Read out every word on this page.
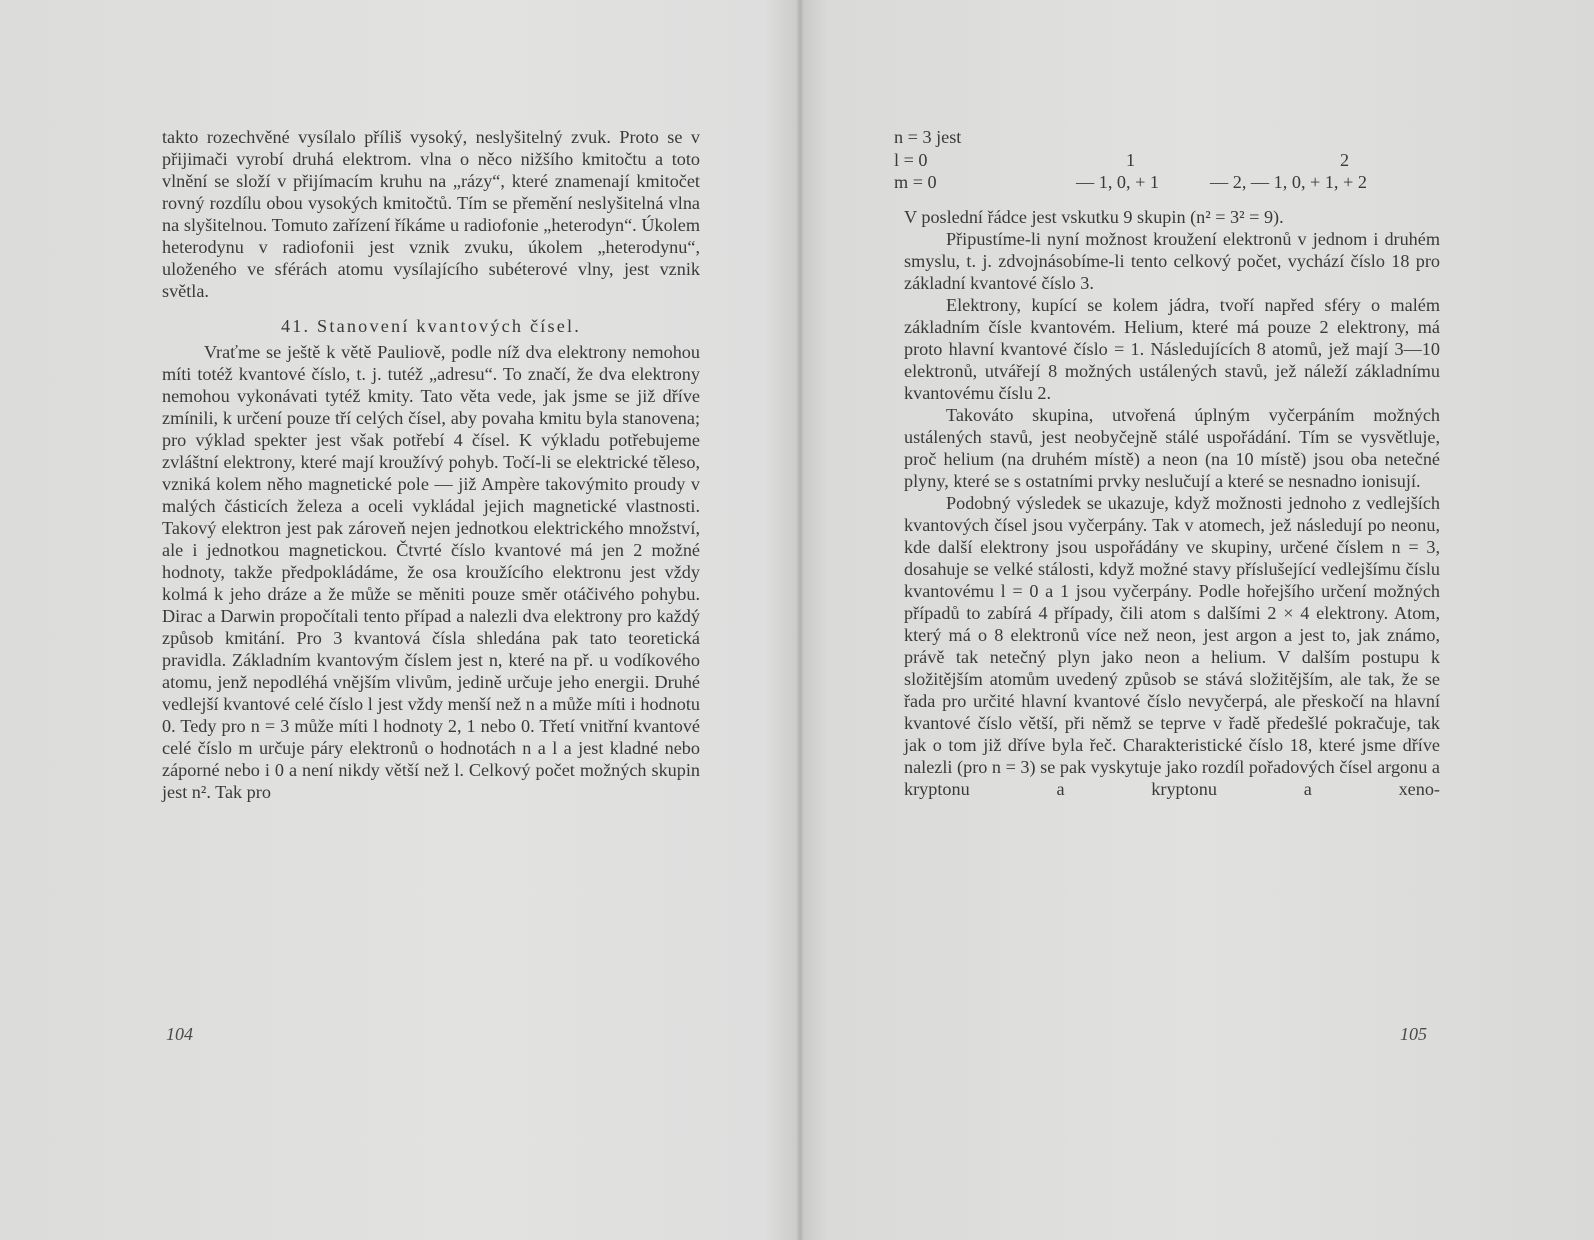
takto rozechvěné vysílalo příliš vysoký, neslyšitelný zvuk. Proto se v přijimači vyrobí druhá elektrom. vlna o něco nižšího kmitočtu a toto vlnění se složí v přijímacím kruhu na „rázy“, které znamenají kmitočet rovný rozdílu obou vysokých kmitočtů. Tím se přemění neslyšitelná vlna na slyšitelnou. Tomuto zařízení říkáme u radiofonie „heterodyn“. Úkolem heterodynu v radiofonii jest vznik zvuku, úkolem „heterodynu“, uloženého ve sférách atomu vysílajícího subéterové vlny, jest vznik světla.

41. Stanovení kvantových čísel.

Vraťme se ještě k větě Pauliově, podle níž dva elektrony nemohou míti totéž kvantové číslo, t. j. tutéž „adresu“. To značí, že dva elektrony nemohou vykonávati tytéž kmity. Tato věta vede, jak jsme se již dříve zmínili, k určení pouze tří celých čísel, aby povaha kmitu byla stanovena; pro výklad spekter jest však potřebí 4 čísel. K výkladu potřebujeme zvláštní elektrony, které mají kroužívý pohyb. Točí-li se elektrické těleso, vzniká kolem něho magnetické pole — již Ampère takovýmito proudy v malých částicích železa a oceli vykládal jejich magnetické vlastnosti. Takový elektron jest pak zároveň nejen jednotkou elektrického množství, ale i jednotkou magnetickou. Čtvrté číslo kvantové má jen 2 možné hodnoty, takže předpokládáme, že osa kroužícího elektronu jest vždy kolmá k jeho dráze a že může se měniti pouze směr otáčivého pohybu. Dirac a Darwin propočítali tento případ a nalezli dva elektrony pro každý způsob kmitání. Pro 3 kvantová čísla shledána pak tato teoretická pravidla. Základním kvantovým číslem jest n, které na př. u vodíkového atomu, jenž nepodléhá vnějším vlivům, jedině určuje jeho energii. Druhé vedlejší kvantové celé číslo l jest vždy menší než n a může míti i hodnotu 0. Tedy pro n = 3 může míti l hodnoty 2, 1 nebo 0. Třetí vnitřní kvantové celé číslo m určuje páry elektronů o hodnotách n a l a jest kladné nebo záporné nebo i 0 a není nikdy větší než l. Celkový počet možných skupin jest n². Tak pro

104
n = 3 jest
l = 0	1	2
m = 0	— 1, 0, + 1	— 2, — 1, 0, + 1, + 2

V poslední řádce jest vskutku 9 skupin (n² = 3² = 9).

Připustíme-li nyní možnost kroužení elektronů v jednom i druhém smyslu, t. j. zdvojnásobíme-li tento celkový počet, vychází číslo 18 pro základní kvantové číslo 3.

Elektrony, kupící se kolem jádra, tvoří napřed sféry o malém základním čísle kvantovém. Helium, které má pouze 2 elektrony, má proto hlavní kvantové číslo = 1. Následujících 8 atomů, jež mají 3—10 elektronů, utvářejí 8 možných ustálených stavů, jež náleží základnímu kvantovému číslu 2.

Takováto skupina, utvořená úplným vyčerpáním možných ustálených stavů, jest neobyčejně stálé uspořádání. Tím se vysvětluje, proč helium (na druhém místě) a neon (na 10 místě) jsou oba netečné plyny, které se s ostatními prvky neslučují a které se nesnadno ionisují.

Podobný výsledek se ukazuje, když možnosti jednoho z vedlejších kvantových čísel jsou vyčerpány. Tak v atomech, jež následují po neonu, kde další elektrony jsou uspořádány ve skupiny, určené číslem n = 3, dosahuje se velké stálosti, když možné stavy příslušející vedlejšímu číslu kvantovému l = 0 a 1 jsou vyčerpány. Podle hořejšího určení možných případů to zabírá 4 případy, čili atom s dalšími 2 × 4 elektrony. Atom, který má o 8 elektronů více než neon, jest argon a jest to, jak známo, právě tak netečný plyn jako neon a helium. V dalším postupu k složitějším atomům uvedený způsob se stává složitějším, ale tak, že se řada pro určité hlavní kvantové číslo nevyčerpá, ale přeskočí na hlavní kvantové číslo větší, při němž se teprve v řadě předešlé pokračuje, tak jak o tom již dříve byla řeč. Charakteristické číslo 18, které jsme dříve nalezli (pro n = 3) se pak vyskytuje jako rozdíl pořadových čísel argonu a kryptonu a kryptonu a xeno-

105
